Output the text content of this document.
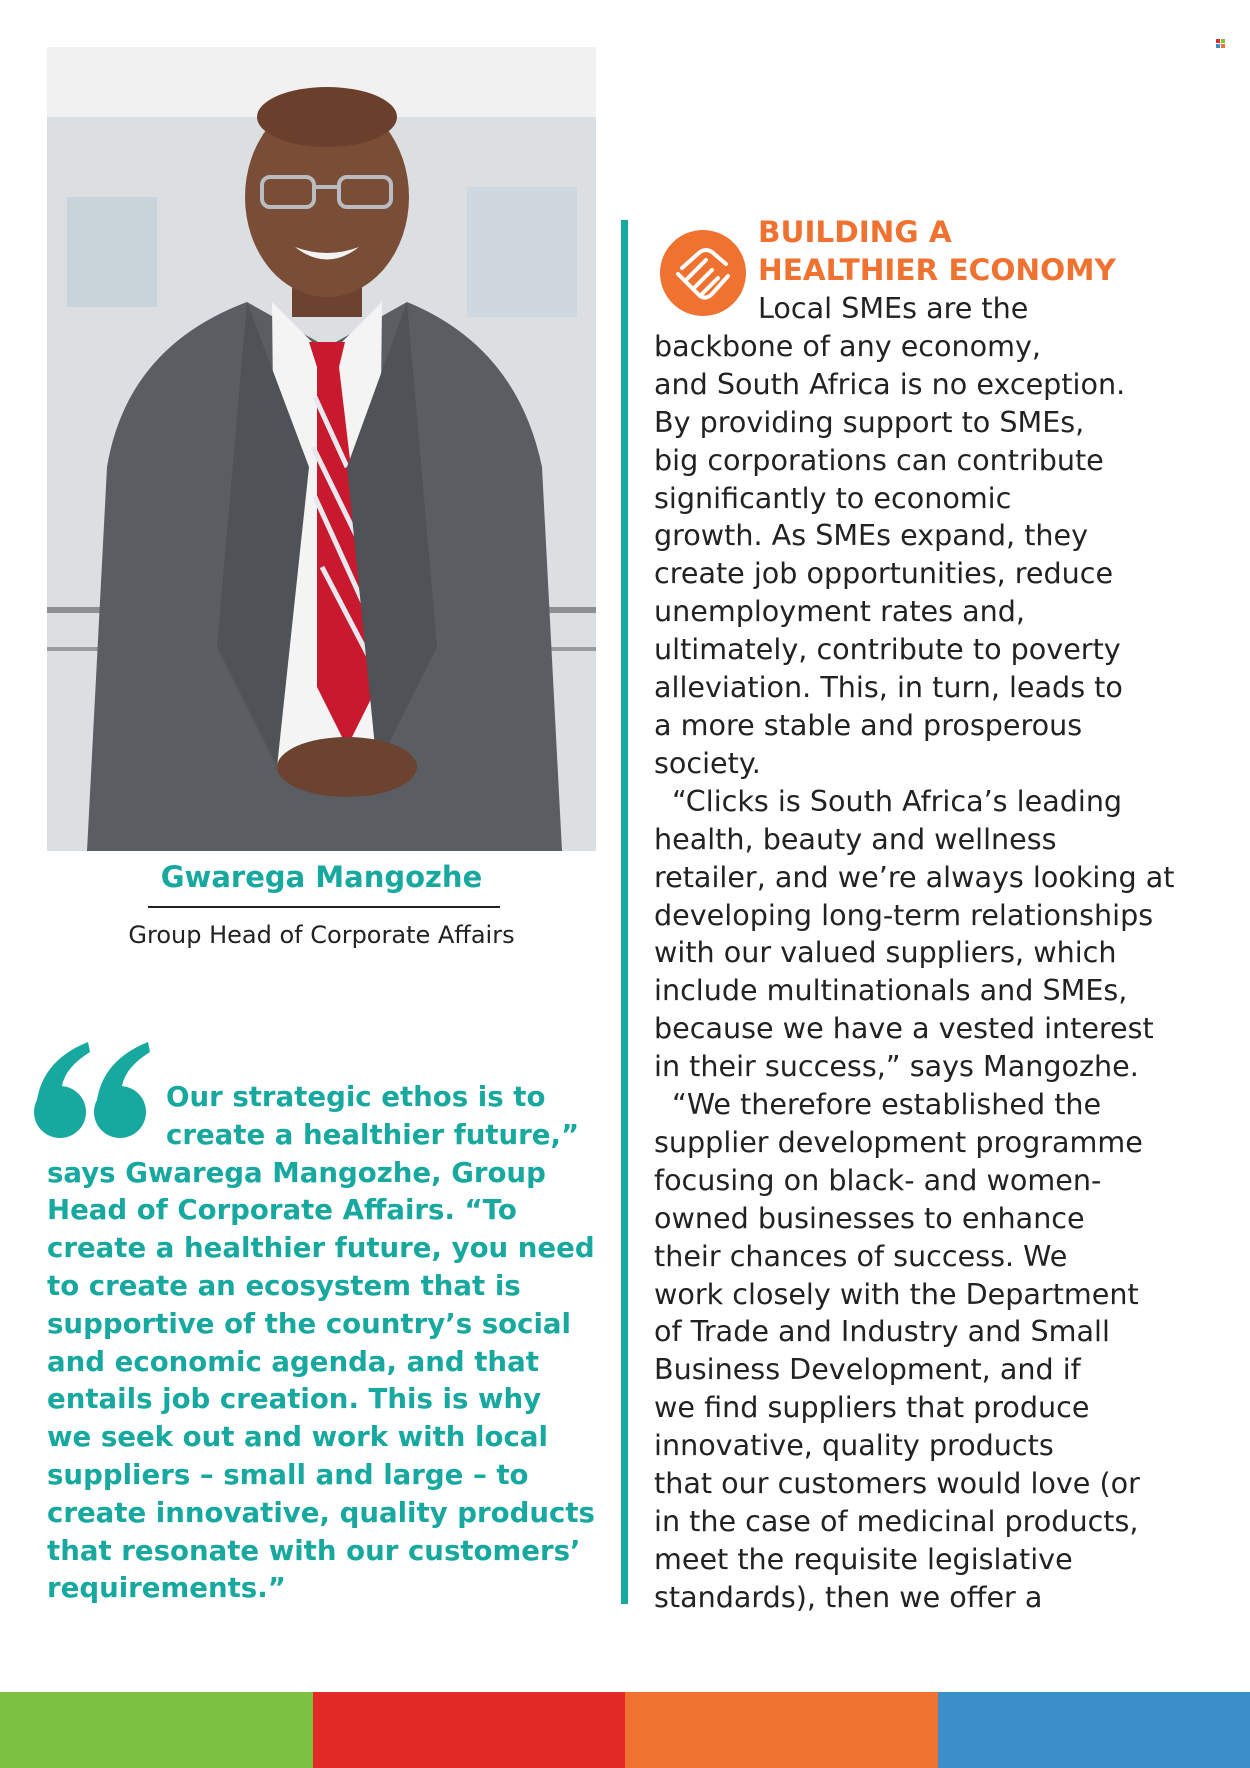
Gwarega Mangozhe
Group Head of Corporate Affairs
Our strategic ethos is to
create a healthier future,”
says Gwarega Mangozhe, Group
Head of Corporate Affairs. “To
create a healthier future, you need
to create an ecosystem that is
supportive of the country’s social
and economic agenda, and that
entails job creation. This is why
we seek out and work with local
suppliers – small and large – to
create innovative, quality products
that resonate with our customers’
requirements.”
BUILDING A
HEALTHIER ECONOMY
Local SMEs are the
backbone of any economy,
and South Africa is no exception.
By providing support to SMEs,
big corporations can contribute
significantly to economic
growth. As SMEs expand, they
create job opportunities, reduce
unemployment rates and,
ultimately, contribute to poverty
alleviation. This, in turn, leads to
a more stable and prosperous
society.
“Clicks is South Africa’s leading
health, beauty and wellness
retailer, and we’re always looking at
developing long-term relationships
with our valued suppliers, which
include multinationals and SMEs,
because we have a vested interest
in their success,” says Mangozhe.
“We therefore established the
supplier development programme
focusing on black- and women-
owned businesses to enhance
their chances of success. We
work closely with the Department
of Trade and Industry and Small
Business Development, and if
we find suppliers that produce
innovative, quality products
that our customers would love (or
in the case of medicinal products,
meet the requisite legislative
standards), then we offer a
